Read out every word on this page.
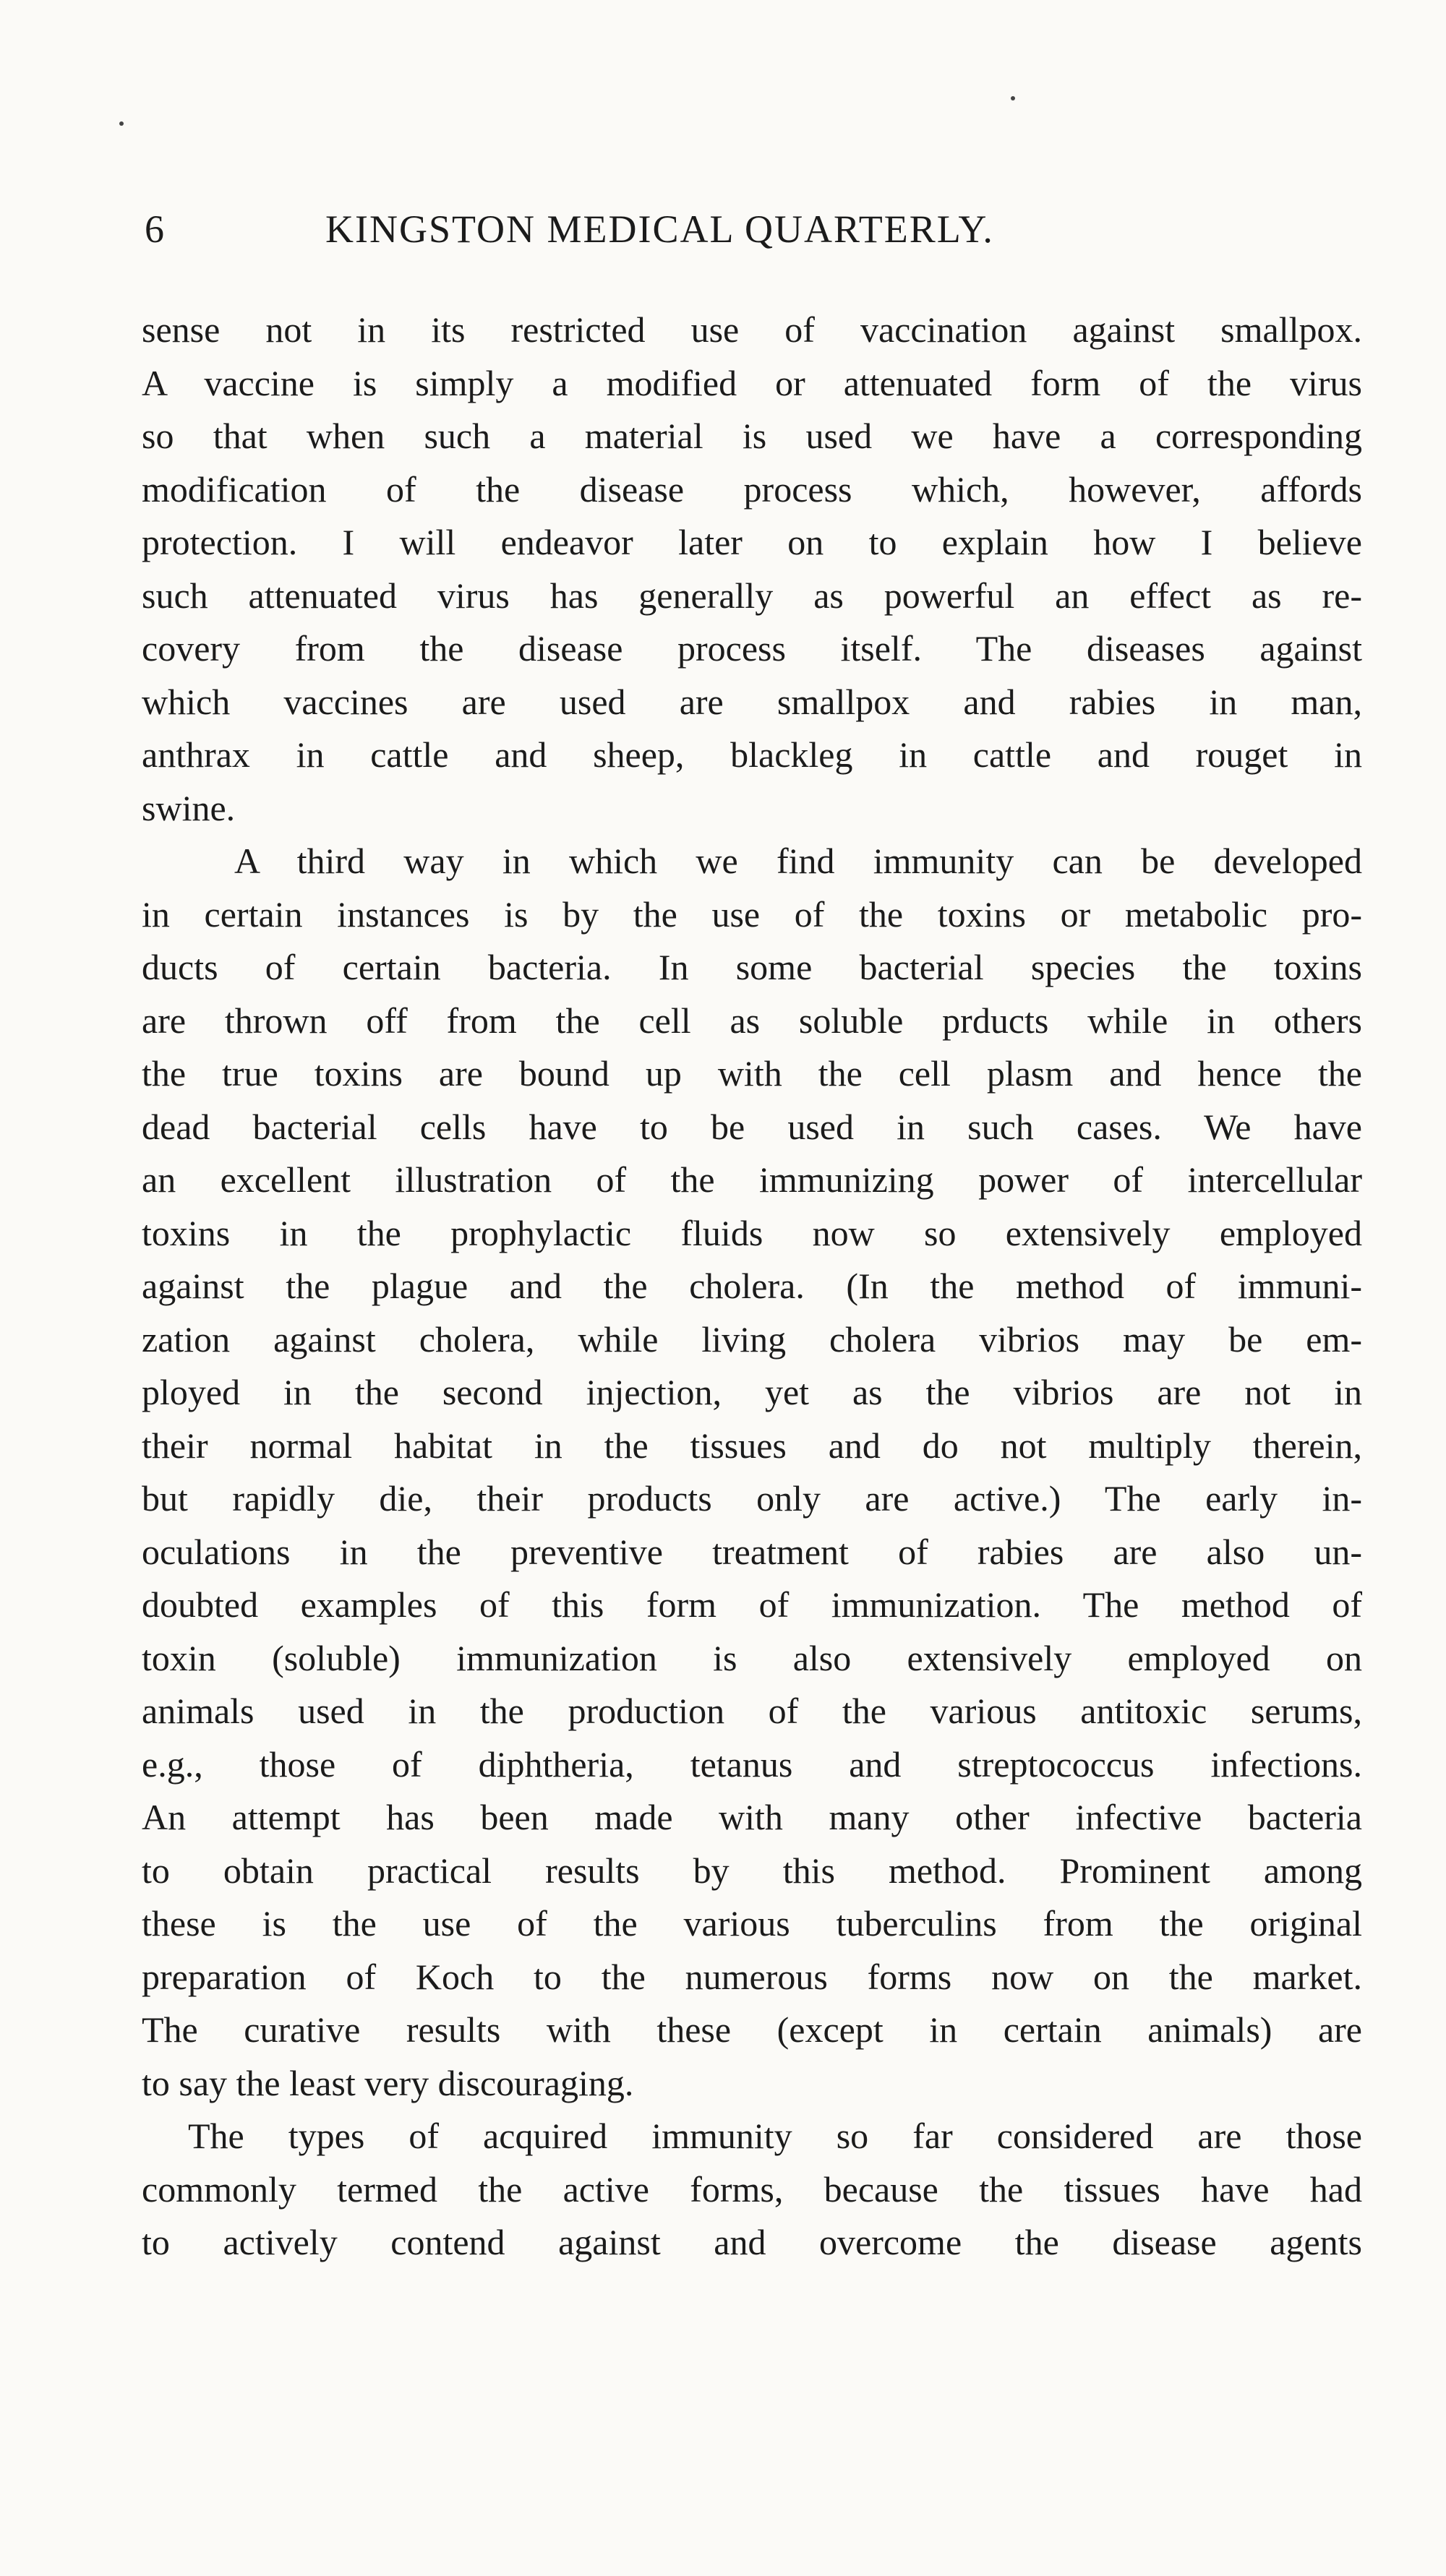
6	KINGSTON MEDICAL QUARTERLY.
sense not in its restricted use of vaccination against smallpox.
A vaccine is simply a modified or attenuated form of the virus
so that when such a material is used we have a corresponding
modification of the disease process which, however, affords
protection. I will endeavor later on to explain how I believe
such attenuated virus has generally as powerful an effect as re-
covery from the disease process itself. The diseases against
which vaccines are used are smallpox and rabies in man,
anthrax in cattle and sheep, blackleg in cattle and rouget in
swine.
A third way in which we find immunity can be developed
in certain instances is by the use of the toxins or metabolic pro-
ducts of certain bacteria. In some bacterial species the toxins
are thrown off from the cell as soluble prducts while in others
the true toxins are bound up with the cell plasm and hence the
dead bacterial cells have to be used in such cases. We have
an excellent illustration of the immunizing power of intercellular
toxins in the prophylactic fluids now so extensively employed
against the plague and the cholera. (In the method of immuni-
zation against cholera, while living cholera vibrios may be em-
ployed in the second injection, yet as the vibrios are not in
their normal habitat in the tissues and do not multiply therein,
but rapidly die, their products only are active.) The early in-
oculations in the preventive treatment of rabies are also un-
doubted examples of this form of immunization. The method of
toxin (soluble) immunization is also extensively employed on
animals used in the production of the various antitoxic serums,
e.g., those of diphtheria, tetanus and streptococcus infections.
An attempt has been made with many other infective bacteria
to obtain practical results by this method. Prominent among
these is the use of the various tuberculins from the original
preparation of Koch to the numerous forms now on the market.
The curative results with these (except in certain animals) are
to say the least very discouraging.
The types of acquired immunity so far considered are those
commonly termed the active forms, because the tissues have had
to actively contend against and overcome the disease agents
